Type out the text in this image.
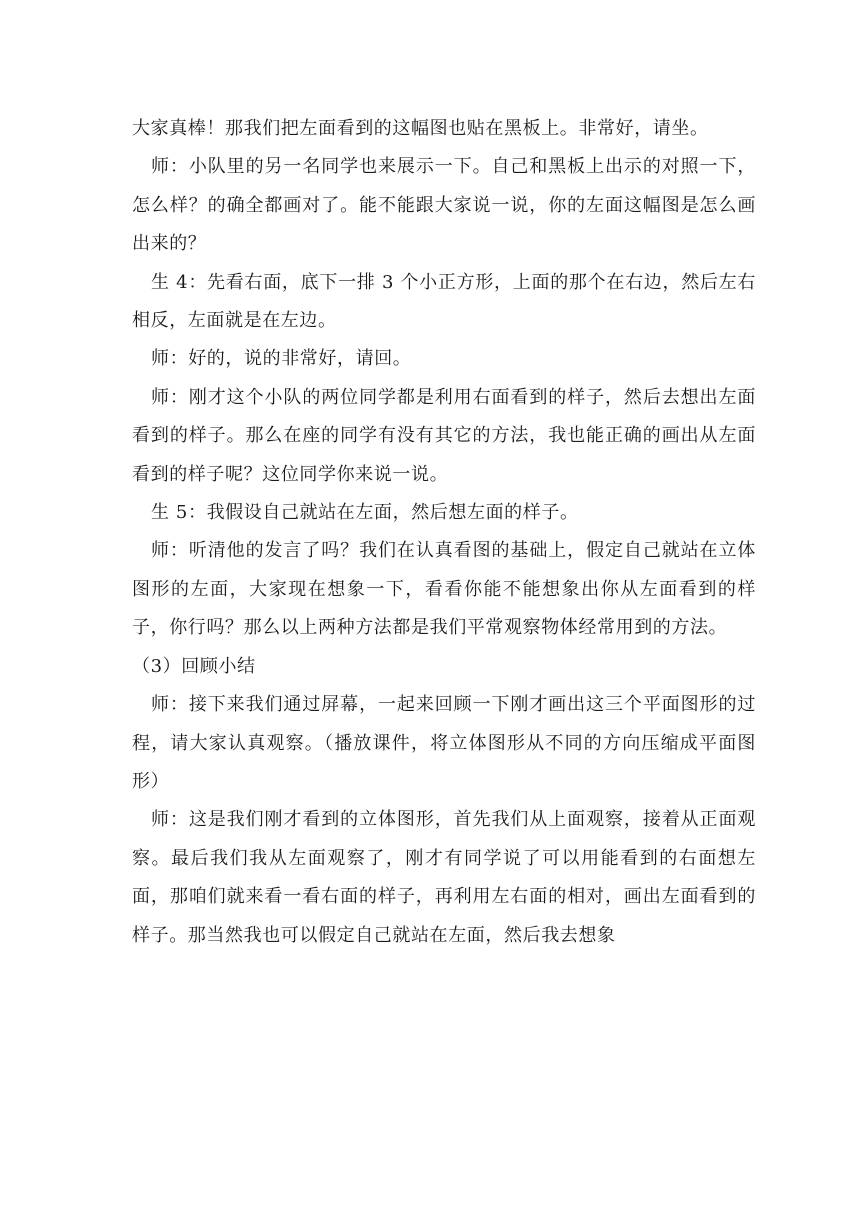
大家真棒！那我们把左面看到的这幅图也贴在黑板上。非常好，请坐。

师：小队里的另一名同学也来展示一下。自己和黑板上出示的对照一下，怎么样？的确全都画对了。能不能跟大家说一说，你的左面这幅图是怎么画出来的？

生 4：先看右面，底下一排 3 个小正方形，上面的那个在右边，然后左右相反，左面就是在左边。

师：好的，说的非常好，请回。

师：刚才这个小队的两位同学都是利用右面看到的样子，然后去想出左面看到的样子。那么在座的同学有没有其它的方法，我也能正确的画出从左面看到的样子呢？这位同学你来说一说。

生 5：我假设自己就站在左面，然后想左面的样子。

师：听清他的发言了吗？我们在认真看图的基础上，假定自己就站在立体图形的左面，大家现在想象一下，看看你能不能想象出你从左面看到的样子，你行吗？那么以上两种方法都是我们平常观察物体经常用到的方法。

（3）回顾小结

师：接下来我们通过屏幕，一起来回顾一下刚才画出这三个平面图形的过程，请大家认真观察。（播放课件，将立体图形从不同的方向压缩成平面图形）

师：这是我们刚才看到的立体图形，首先我们从上面观察，接着从正面观察。最后我们我从左面观察了，刚才有同学说了可以用能看到的右面想左面，那咱们就来看一看右面的样子，再利用左右面的相对，画出左面看到的样子。那当然我也可以假定自己就站在左面，然后我去想象
